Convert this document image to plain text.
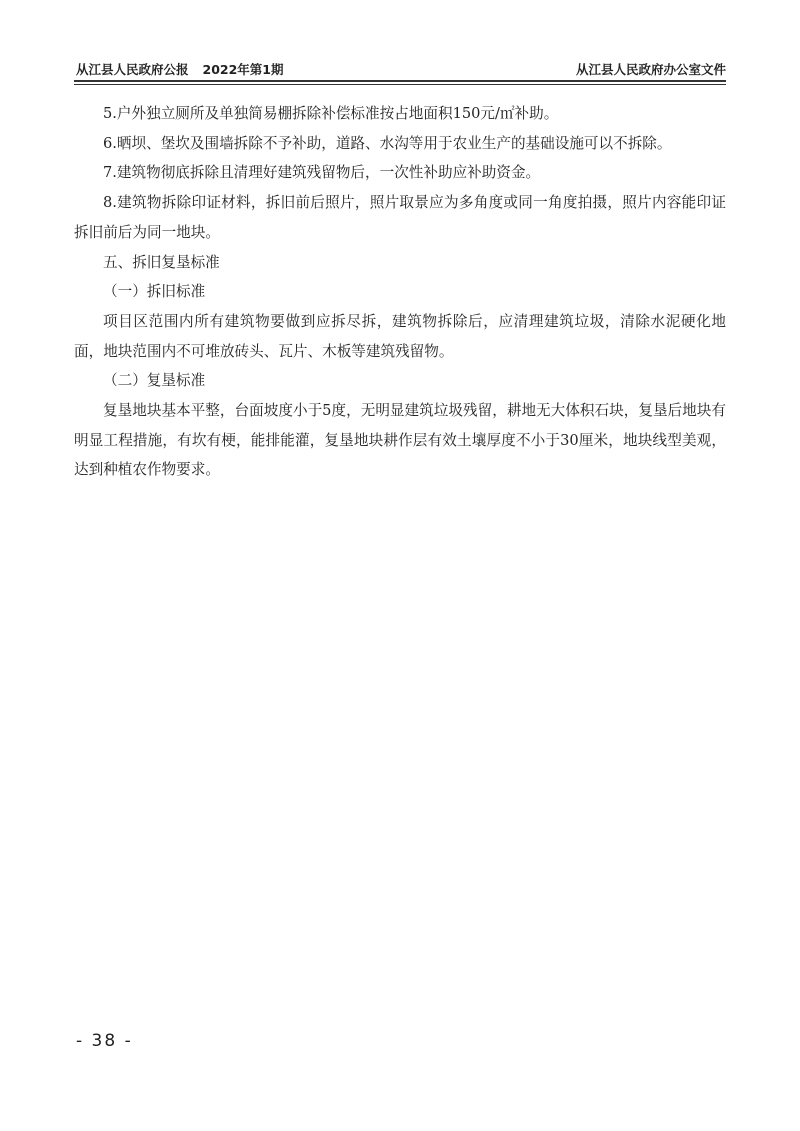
从江县人民政府公报 2022年第1期	从江县人民政府办公室文件

5.户外独立厕所及单独简易棚拆除补偿标准按占地面积150元/㎡补助。

6.晒坝、堡坎及围墙拆除不予补助，道路、水沟等用于农业生产的基础设施可以不拆除。

7.建筑物彻底拆除且清理好建筑残留物后，一次性补助应补助资金。

8.建筑物拆除印证材料，拆旧前后照片，照片取景应为多角度或同一角度拍摄，照片内容能印证拆旧前后为同一地块。

五、拆旧复垦标准

（一）拆旧标准

项目区范围内所有建筑物要做到应拆尽拆，建筑物拆除后，应清理建筑垃圾，清除水泥硬化地面，地块范围内不可堆放砖头、瓦片、木板等建筑残留物。

（二）复垦标准

复垦地块基本平整，台面坡度小于5度，无明显建筑垃圾残留，耕地无大体积石块，复垦后地块有明显工程措施，有坎有梗，能排能灌，复垦地块耕作层有效土壤厚度不小于30厘米，地块线型美观，达到种植农作物要求。

- 38 -
